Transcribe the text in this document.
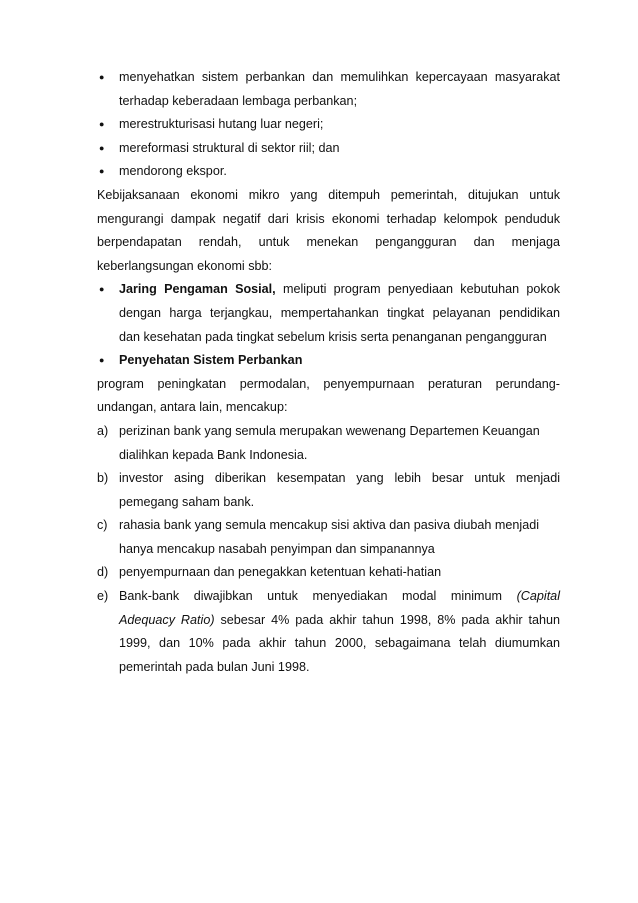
● menyehatkan sistem perbankan dan memulihkan kepercayaan masyarakat
terhadap keberadaan lembaga perbankan;
● merestrukturisasi hutang luar negeri;
● mereformasi struktural di sektor riil; dan
● mendorong ekspor.
Kebijaksanaan ekonomi mikro yang ditempuh pemerintah, ditujukan untuk
mengurangi dampak negatif dari krisis ekonomi terhadap kelompok penduduk
berpendapatan rendah, untuk menekan pengangguran dan menjaga
keberlangsungan ekonomi sbb:
● Jaring Pengaman Sosial, meliputi program penyediaan kebutuhan pokok
dengan harga terjangkau, mempertahankan tingkat pelayanan pendidikan
dan kesehatan pada tingkat sebelum krisis serta penanganan pengangguran
● Penyehatan Sistem Perbankan
program peningkatan permodalan, penyempurnaan peraturan perundang-
undangan, antara lain, mencakup:
a) perizinan bank yang semula merupakan wewenang Departemen Keuangan
dialihkan kepada Bank Indonesia.
b) investor asing diberikan kesempatan yang lebih besar untuk menjadi
pemegang saham bank.
c) rahasia bank yang semula mencakup sisi aktiva dan pasiva diubah menjadi
hanya mencakup nasabah penyimpan dan simpanannya
d) penyempurnaan dan penegakkan ketentuan kehati-hatian
e) Bank-bank diwajibkan untuk menyediakan modal minimum (Capital
Adequacy Ratio) sebesar 4% pada akhir tahun 1998, 8% pada akhir tahun
1999, dan 10% pada akhir tahun 2000, sebagaimana telah diumumkan
pemerintah pada bulan Juni 1998.
